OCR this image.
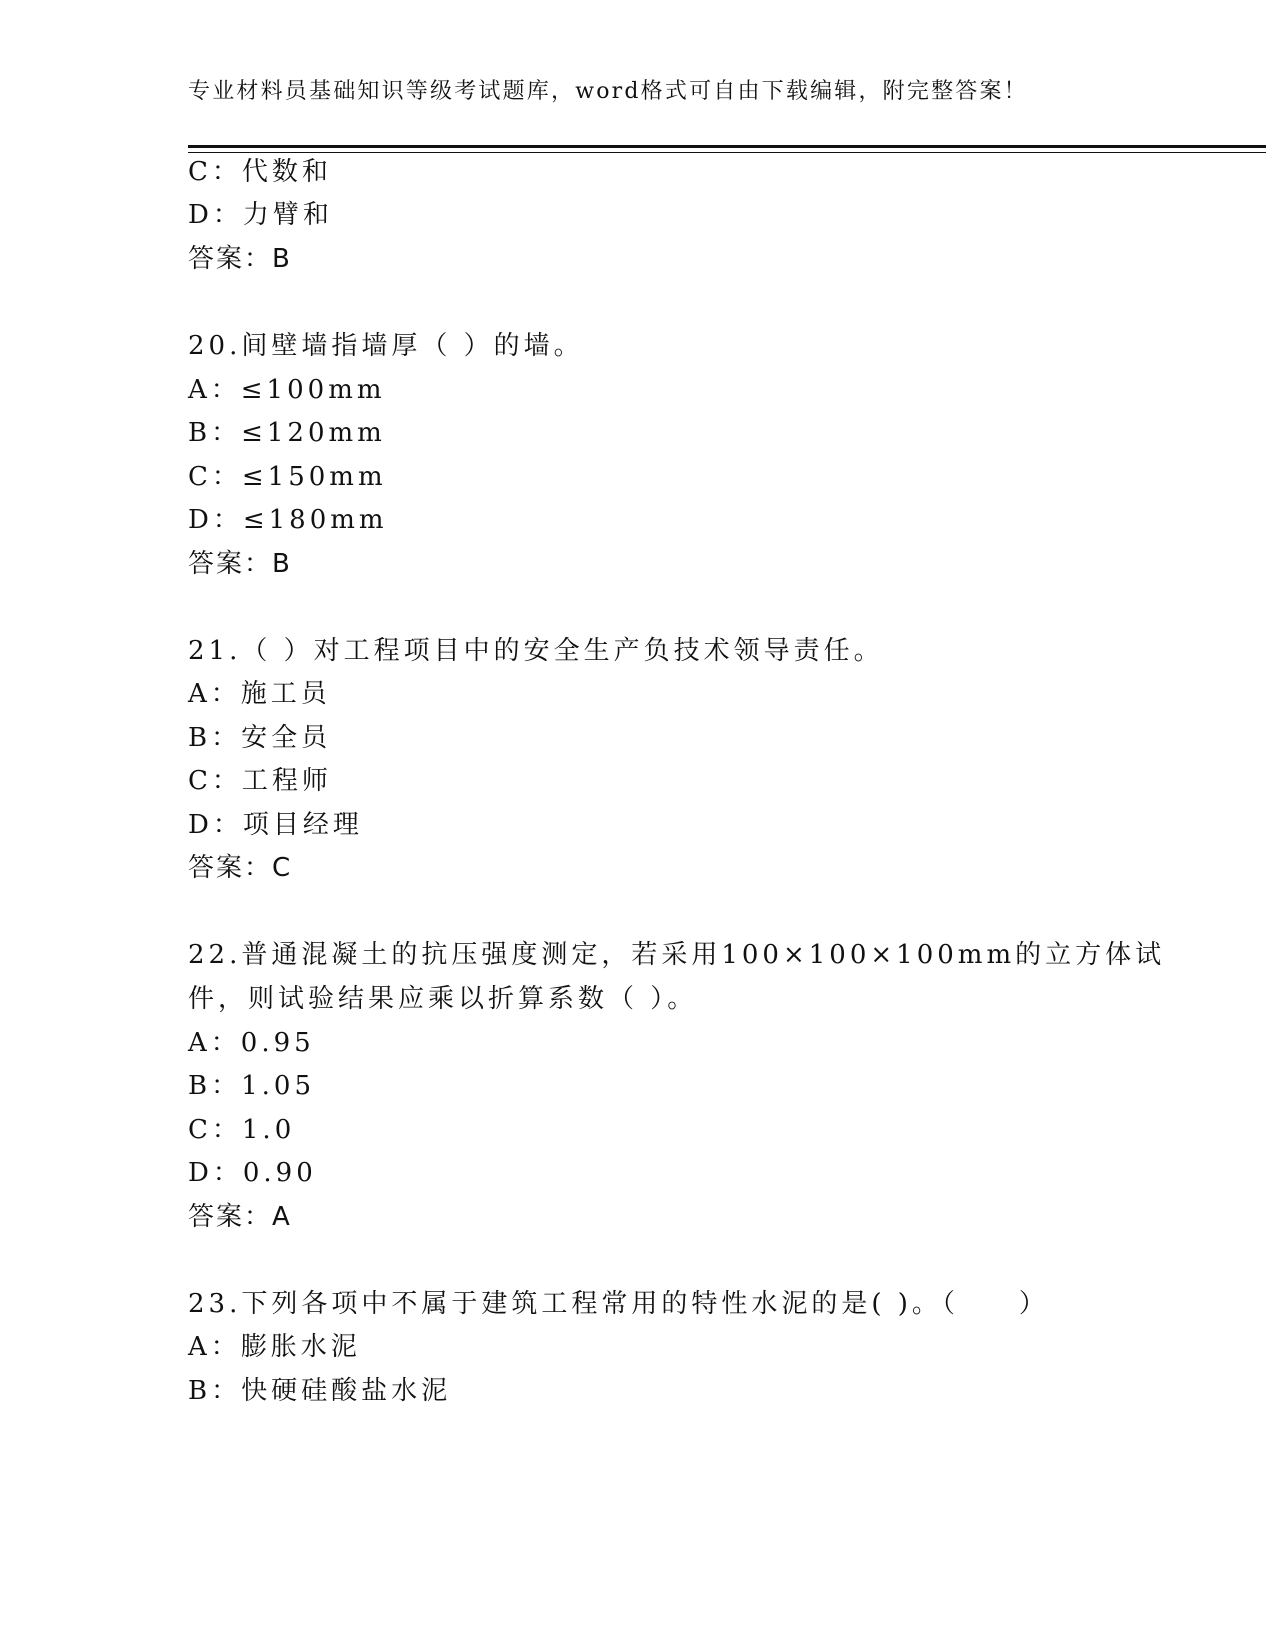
专业材料员基础知识等级考试题库，word格式可自由下载编辑，附完整答案！
C：代数和
D：力臂和
答案：B
20.间壁墙指墙厚（ ）的墙。
A：≤100mm
B：≤120mm
C：≤150mm
D：≤180mm
答案：B
21.（ ）对工程项目中的安全生产负技术领导责任。
A：施工员
B：安全员
C：工程师
D：项目经理
答案：C
22.普通混凝土的抗压强度测定，若采用100×100×100mm的立方体试
件，则试验结果应乘以折算系数（ ）。
A：0.95
B：1.05
C：1.0
D：0.90
答案：A
23.下列各项中不属于建筑工程常用的特性水泥的是( )。（　　）
A：膨胀水泥
B：快硬硅酸盐水泥
